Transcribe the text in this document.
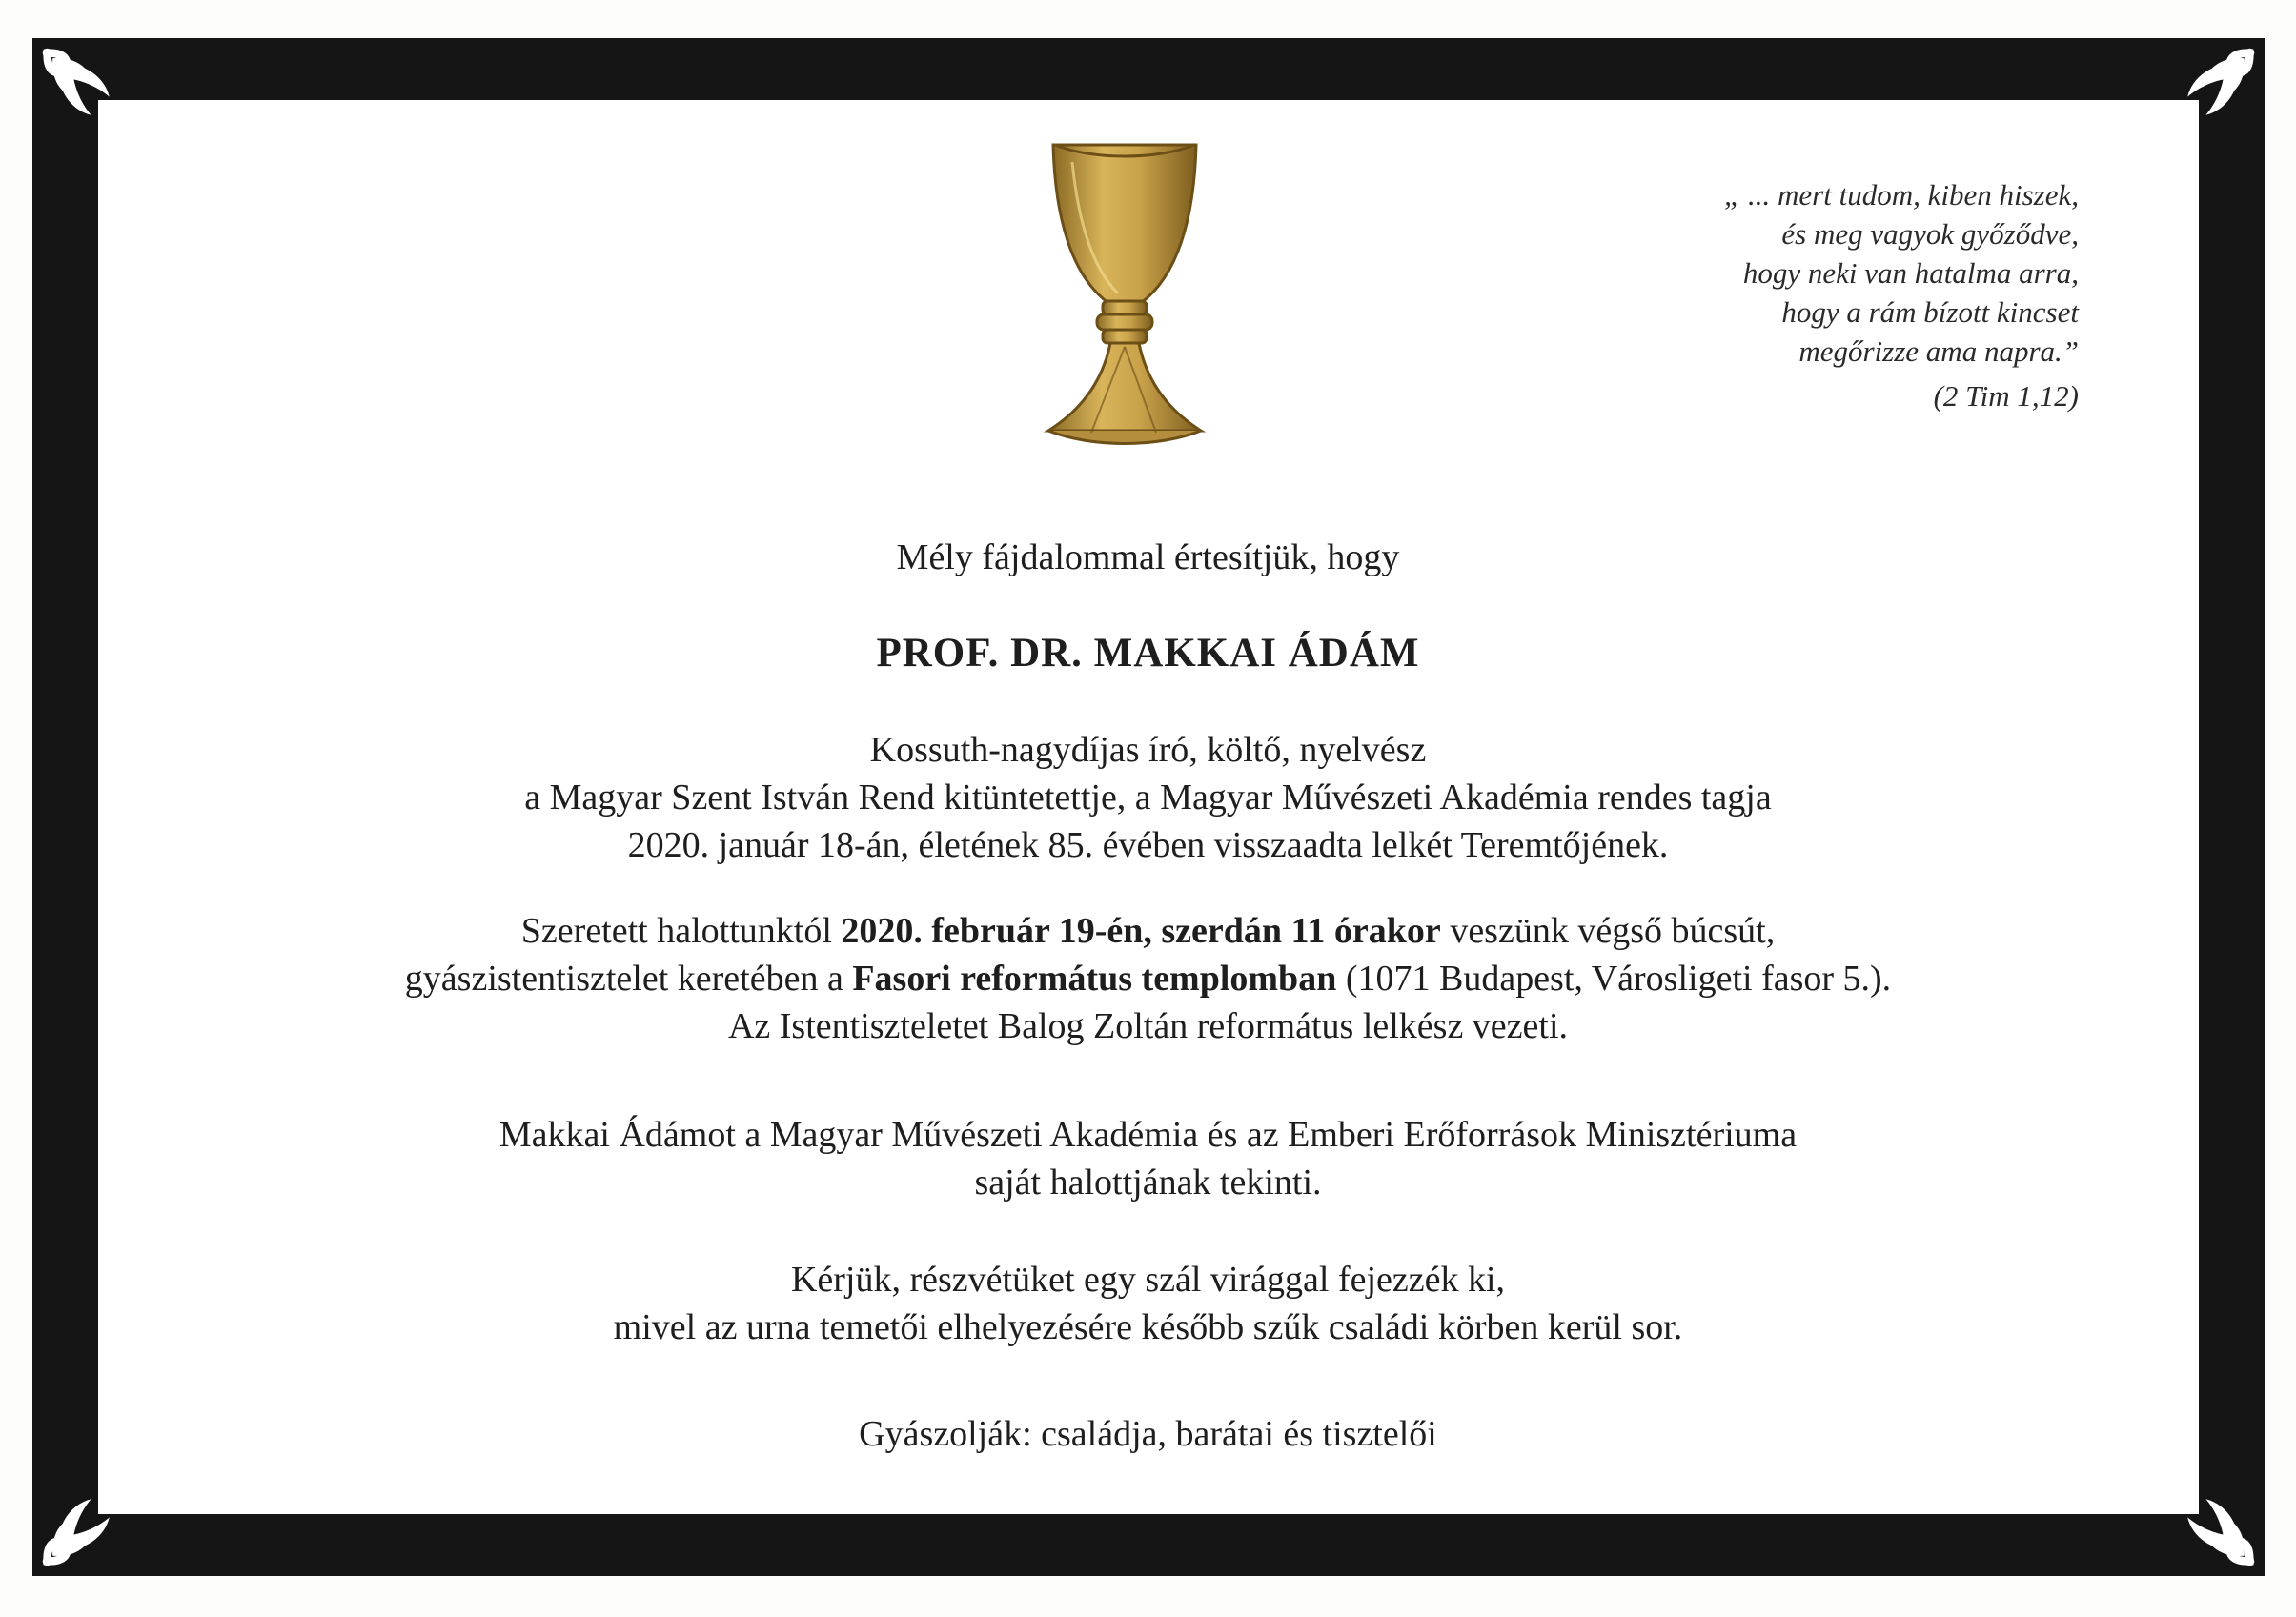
„ ... mert tudom, kiben hiszek,
és meg vagyok győződve,
hogy neki van hatalma arra,
hogy a rám bízott kincset
megőrizze ama napra.”
(2 Tim 1,12)
Mély fájdalommal értesítjük, hogy
PROF. DR. MAKKAI ÁDÁM
Kossuth-nagydíjas író, költő, nyelvész
a Magyar Szent István Rend kitüntetettje, a Magyar Művészeti Akadémia rendes tagja
2020. január 18-án, életének 85. évében visszaadta lelkét Teremtőjének.
Szeretett halottunktól 2020. február 19-én, szerdán 11 órakor veszünk végső búcsút,
gyászistentisztelet keretében a Fasori református templomban (1071 Budapest, Városligeti fasor 5.).
Az Istentiszteletet Balog Zoltán református lelkész vezeti.
Makkai Ádámot a Magyar Művészeti Akadémia és az Emberi Erőforrások Minisztériuma
saját halottjának tekinti.
Kérjük, részvétüket egy szál virággal fejezzék ki,
mivel az urna temetői elhelyezésére később szűk családi körben kerül sor.
Gyászolják: családja, barátai és tisztelői
